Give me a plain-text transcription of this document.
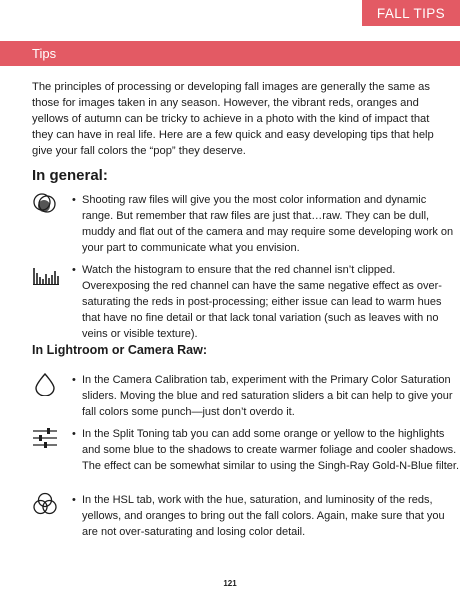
FALL TIPS
Tips

The principles of processing or developing fall images are generally the same as those for images taken in any season. However, the vibrant reds, oranges and yellows of autumn can be tricky to achieve in a photo with the kind of impact that they can have in real life. Here are a few quick and easy developing tips that help give your fall colors the “pop” they deserve.

In general:
• Shooting raw files will give you the most color information and dynamic range. But remember that raw files are just that…raw. They can be dull, muddy and flat out of the camera and may require some developing work on your part to communicate what you envision.

• Watch the histogram to ensure that the red channel isn’t clipped. Overexposing the red channel can have the same negative effect as over-saturating the reds in post-processing; either issue can lead to warm hues that have no fine detail or that lack tonal variation (such as leaves with no veins or visible texture).

In Lightroom or Camera Raw:
• In the Camera Calibration tab, experiment with the Primary Color Saturation sliders. Moving the blue and red saturation sliders a bit can help to give your fall colors some punch—just don’t overdo it.

• In the Split Toning tab you can add some orange or yellow to the highlights and some blue to the shadows to create warmer foliage and cooler shadows. The effect can be somewhat similar to using the Singh-Ray Gold-N-Blue filter.

• In the HSL tab, work with the hue, saturation, and luminosity of the reds, yellows, and oranges to bring out the fall colors. Again, make sure that you are not over-saturating and losing color detail.

121
